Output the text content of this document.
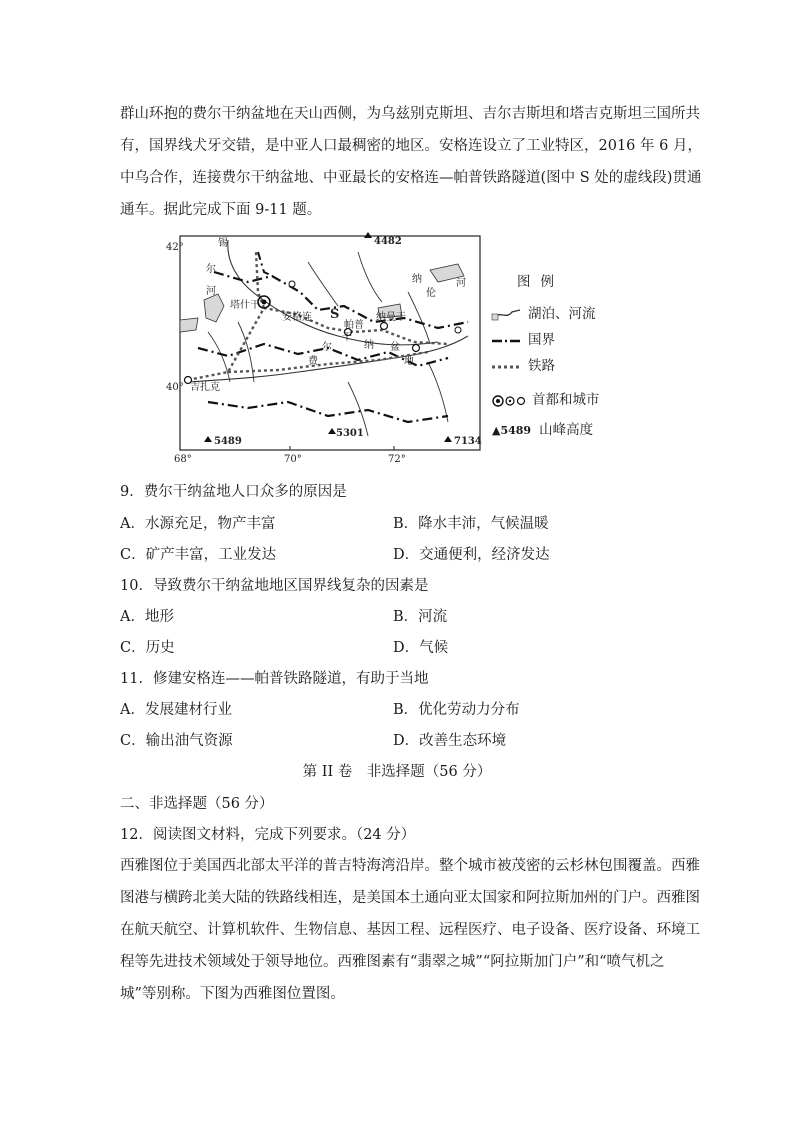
群山环抱的费尔干纳盆地在天山西侧，为乌兹别克斯坦、吉尔吉斯坦和塔吉克斯坦三国所共
有，国界线犬牙交错，是中亚人口最稠密的地区。安格连设立了工业特区，2016 年 6 月，
中乌合作，连接费尔干纳盆地、中亚最长的安格连—帕普铁路隧道(图中 S 处的虚线段)贯通
通车。据此完成下面 9-11 题。
42°
40°
68°	70°	72°
锡
尔
河
塔什干
安格连 S
帕普
纳曼干
费
尔
干
纳 盆
地
吉扎克
纳
伦
河
4482
5489
5301
7134
图例
湖泊、河流
国界
铁路
首都和城市
▲5489 山峰高度
9．费尔干纳盆地人口众多的原因是
A．水源充足，物产丰富	B．降水丰沛，气候温暖
C．矿产丰富，工业发达	D．交通便利，经济发达
10．导致费尔干纳盆地地区国界线复杂的因素是
A．地形	B．河流
C．历史	D．气候
11．修建安格连——帕普铁路隧道，有助于当地
A．发展建材行业	B．优化劳动力分布
C．输出油气资源	D．改善生态环境
第 II 卷　非选择题（56 分）
二、非选择题（56 分）
12．阅读图文材料，完成下列要求。（24 分）
西雅图位于美国西北部太平洋的普吉特海湾沿岸。整个城市被茂密的云杉林包围覆盖。西雅
图港与横跨北美大陆的铁路线相连，是美国本土通向亚太国家和阿拉斯加州的门户。西雅图
在航天航空、计算机软件、生物信息、基因工程、远程医疗、电子设备、医疗设备、环境工
程等先进技术领域处于领导地位。西雅图素有“翡翠之城”“阿拉斯加门户”和“喷气机之
城”等别称。下图为西雅图位置图。
